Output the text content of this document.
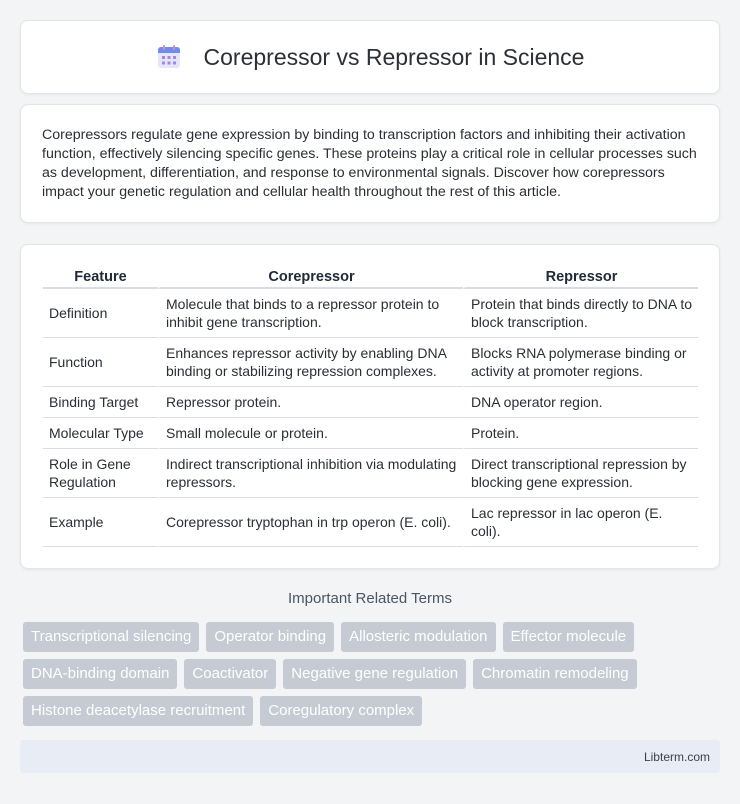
Corepressor vs Repressor in Science

Corepressors regulate gene expression by binding to transcription factors and inhibiting their activation function, effectively silencing specific genes. These proteins play a critical role in cellular processes such as development, differentiation, and response to environmental signals. Discover how corepressors impact your genetic regulation and cellular health throughout the rest of this article.

Feature	Corepressor	Repressor
Definition	Molecule that binds to a repressor protein to inhibit gene transcription.	Protein that binds directly to DNA to block transcription.
Function	Enhances repressor activity by enabling DNA binding or stabilizing repression complexes.	Blocks RNA polymerase binding or activity at promoter regions.
Binding Target	Repressor protein.	DNA operator region.
Molecular Type	Small molecule or protein.	Protein.
Role in Gene Regulation	Indirect transcriptional inhibition via modulating repressors.	Direct transcriptional repression by blocking gene expression.
Example	Corepressor tryptophan in trp operon (E. coli).	Lac repressor in lac operon (E. coli).
Important Related Terms
Transcriptional silencing	Operator binding	Allosteric modulation	Effector molecule
DNA-binding domain	Coactivator	Negative gene regulation	Chromatin remodeling
Histone deacetylase recruitment	Coregulatory complex
Libterm.com
